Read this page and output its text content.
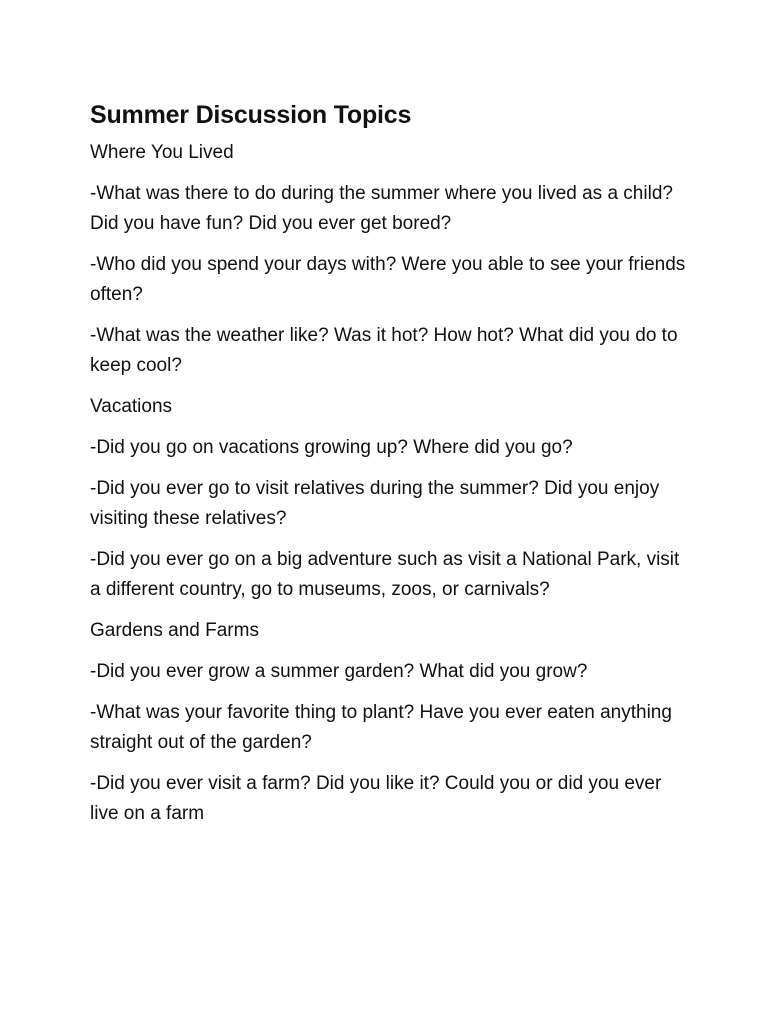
Summer Discussion Topics
Where You Lived
-What was there to do during the summer where you lived as a child? Did you have fun? Did you ever get bored?
-Who did you spend your days with? Were you able to see your friends often?
-What was the weather like? Was it hot? How hot? What did you do to keep cool?
Vacations
-Did you go on vacations growing up? Where did you go?
-Did you ever go to visit relatives during the summer? Did you enjoy visiting these relatives?
-Did you ever go on a big adventure such as visit a National Park, visit a different country, go to museums, zoos, or carnivals?
Gardens and Farms
-Did you ever grow a summer garden? What did you grow?
-What was your favorite thing to plant? Have you ever eaten anything straight out of the garden?
-Did you ever visit a farm? Did you like it? Could you or did you ever live on a farm
